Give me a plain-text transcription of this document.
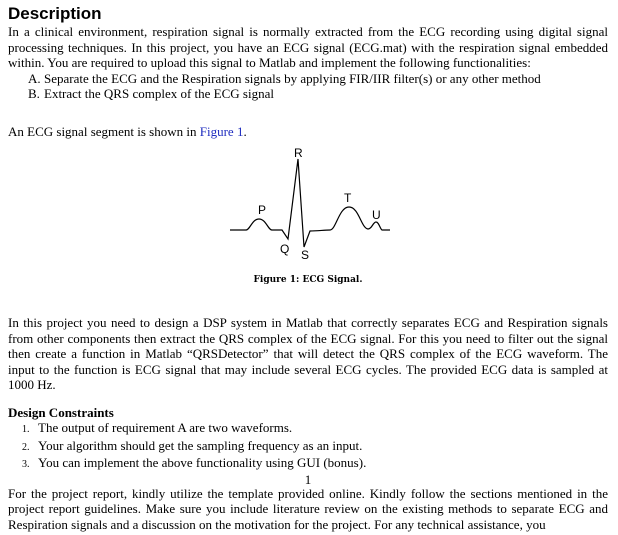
Description

In a clinical environment, respiration signal is normally extracted from the ECG recording using digital signal processing techniques. In this project, you have an ECG signal (ECG.mat) with the respiration signal embedded within. You are required to upload this signal to Matlab and implement the following functionalities:

A. Separate the ECG and the Respiration signals by applying FIR/IIR filter(s) or any other method
B. Extract the QRS complex of the ECG signal

An ECG signal segment is shown in Figure 1.

R
P
T
U
Q S
Figure 1: ECG Signal.

In this project you need to design a DSP system in Matlab that correctly separates ECG and Respiration signals from other components then extract the QRS complex of the ECG signal. For this you need to filter out the signal then create a function in Matlab “QRSDetector” that will detect the QRS complex of the ECG waveform. The input to the function is ECG signal that may include several ECG cycles. The provided ECG data is sampled at 1000 Hz.

Design Constraints
1. The output of requirement A are two waveforms.
2. Your algorithm should get the sampling frequency as an input.
3. You can implement the above functionality using GUI (bonus).
1

For the project report, kindly utilize the template provided online. Kindly follow the sections mentioned in the project report guidelines. Make sure you include literature review on the existing methods to separate ECG and Respiration signals and a discussion on the motivation for the project. For any technical assistance, you
